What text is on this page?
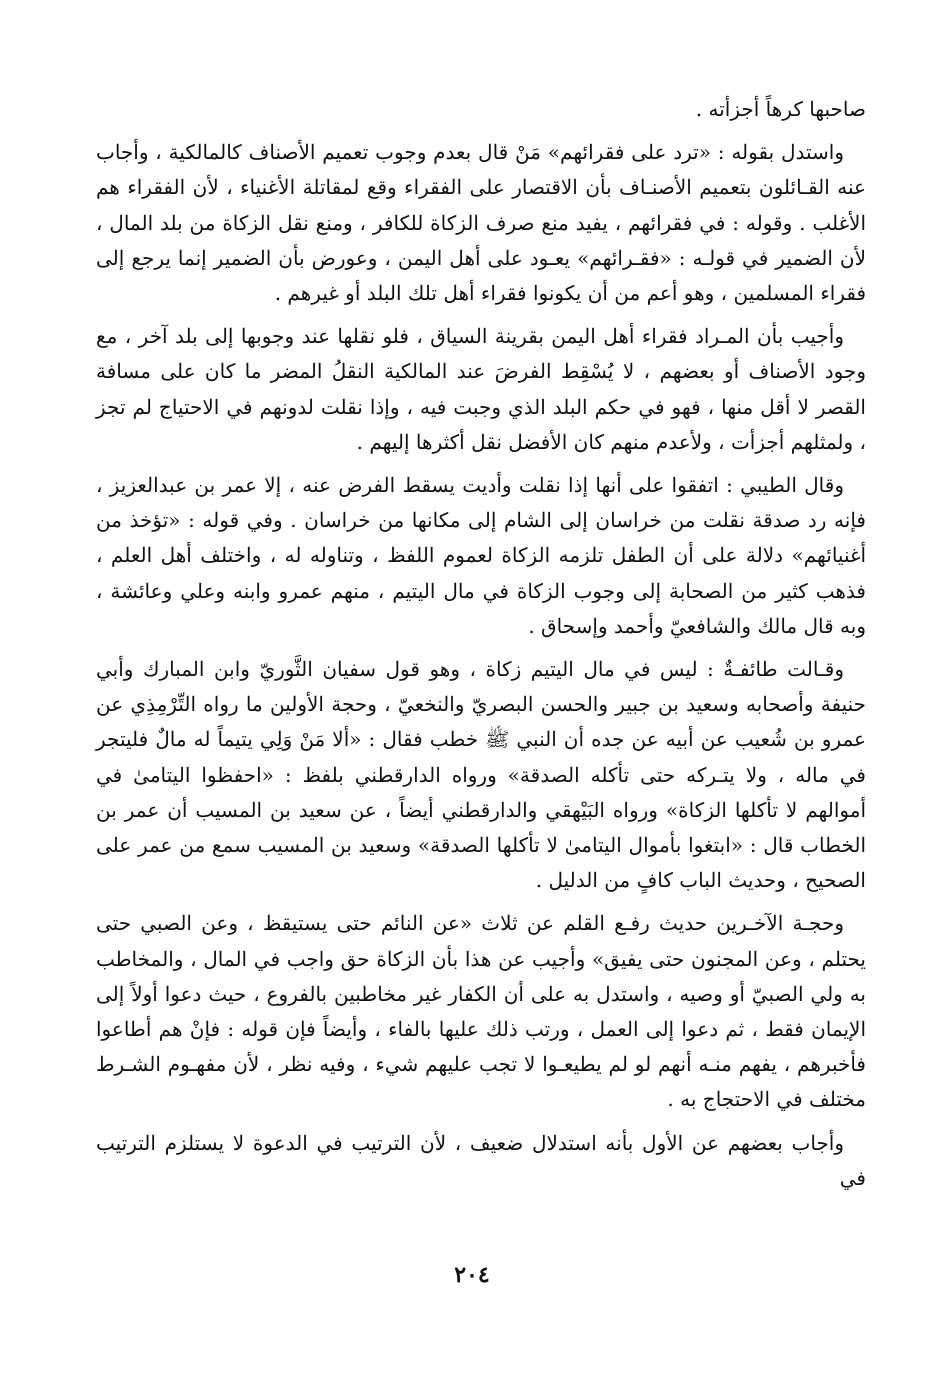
صاحبها كرهاً أجزأته .

واستدل بقوله : «ترد على فقرائهم» مَنْ قال بعدم وجوب تعميم الأصناف كالمالكية ، وأجاب عنه القـائلون بتعميم الأصنـاف بأن الاقتصار على الفقراء وقع لمقاتلة الأغنياء ، لأن الفقراء هم الأغلب . وقوله : في فقرائهم ، يفيد منع صرف الزكاة للكافر ، ومنع نقل الزكاة من بلد المال ، لأن الضمير في قولـه : «فقـرائهم» يعـود على أهل اليمن ، وعورض بأن الضمير إنما يرجع إلى فقراء المسلمين ، وهو أعم من أن يكونوا فقراء أهل تلك البلد أو غيرهم .

وأجيب بأن المـراد فقراء أهل اليمن بقرينة السياق ، فلو نقلها عند وجوبها إلى بلد آخر ، مع وجود الأصناف أو بعضهم ، لا يُسْقِط الفرضَ عند المالكية النقلُ المضر ما كان على مسافة القصر لا أقل منها ، فهو في حكم البلد الذي وجبت فيه ، وإذا نقلت لدونهم في الاحتياج لم تجز ، ولمثلهم أجزأت ، ولأعدم منهم كان الأفضل نقل أكثرها إليهم .

وقال الطيبي : اتفقوا على أنها إذا نقلت وأديت يسقط الفرض عنه ، إلا عمر بن عبدالعزيز ، فإنه رد صدقة نقلت من خراسان إلى الشام إلى مكانها من خراسان . وفي قوله : «تؤخذ من أغنيائهم» دلالة على أن الطفل تلزمه الزكاة لعموم اللفظ ، وتناوله له ، واختلف أهل العلم ، فذهب كثير من الصحابة إلى وجوب الزكاة في مال اليتيم ، منهم عمرو وابنه وعلي وعائشة ، وبه قال مالك والشافعيّ وأحمد وإسحاق .

وقـالت طائفـةٌ : ليس في مال اليتيم زكاة ، وهو قول سفيان الثَّوريّ وابن المبارك وأبي حنيفة وأصحابه وسعيد بن جبير والحسن البصريّ والنخعيّ ، وحجة الأولين ما رواه التِّرْمِذِي عن عمرو بن شُعيب عن أبيه عن جده أن النبي ﷺ خطب فقال : «ألا مَنْ وَلِي يتيماً له مالٌ فليتجر في ماله ، ولا يتـركه حتى تأكله الصدقة» ورواه الدارقطني بلفظ : «احفظوا اليتامىٰ في أموالهم لا تأكلها الزكاة» ورواه البَيْهقي والدارقطني أيضاً ، عن سعيد بن المسيب أن عمر بن الخطاب قال : «ابتغوا بأموال اليتامىٰ لا تأكلها الصدقة» وسعيد بن المسيب سمع من عمر على الصحيح ، وحديث الباب كافٍ من الدليل .

وحجـة الآخـرين حديث رفـع القلم عن ثلاث «عن النائم حتى يستيقظ ، وعن الصبي حتى يحتلم ، وعن المجنون حتى يفيق» وأجيب عن هذا بأن الزكاة حق واجب في المال ، والمخاطب به ولي الصبيّ أو وصيه ، واستدل به على أن الكفار غير مخاطبين بالفروع ، حيث دعوا أولاً إلى الإيمان فقط ، ثم دعوا إلى العمل ، ورتب ذلك عليها بالفاء ، وأيضاً فإن قوله : فإنْ هم أطاعوا فأخبرهم ، يفهم منـه أنهم لو لم يطيعـوا لا تجب عليهم شيء ، وفيه نظر ، لأن مفهـوم الشـرط مختلف في الاحتجاج به .

وأجاب بعضهم عن الأول بأنه استدلال ضعيف ، لأن الترتيب في الدعوة لا يستلزم الترتيب في

٢٠٤
